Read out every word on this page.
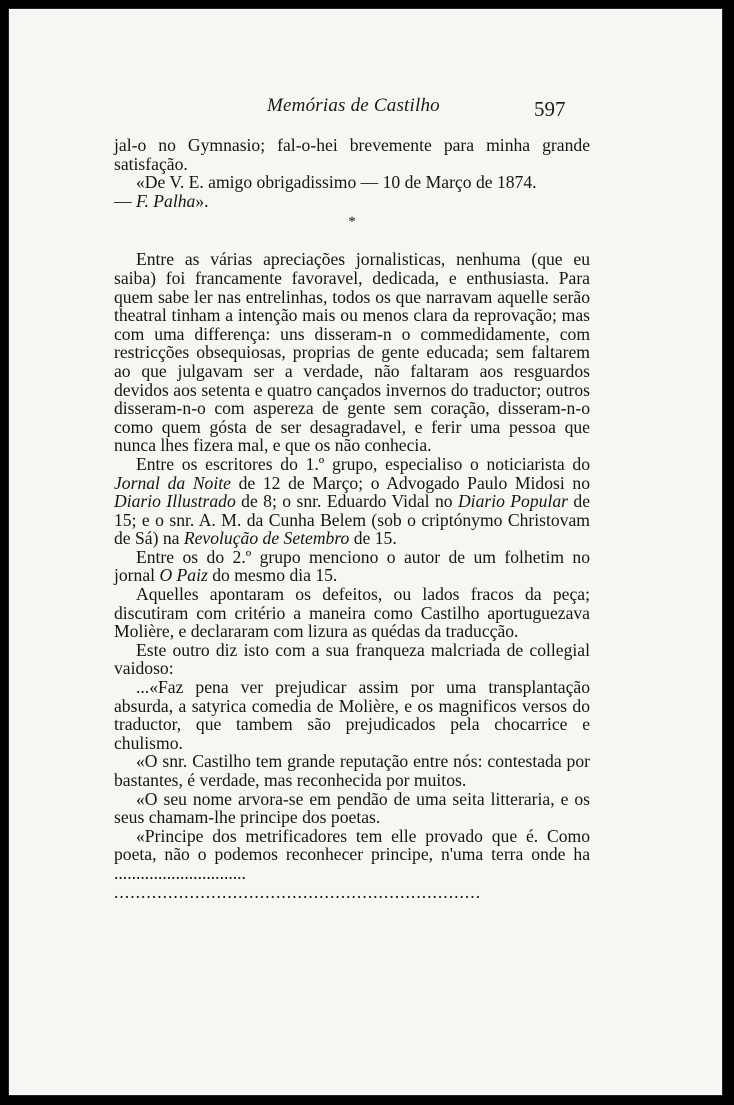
Memórias de Castilho	597

jal-o no Gymnasio; fal-o-hei brevemente para minha grande satisfação.

«De V. E. amigo obrigadissimo — 10 de Março de 1874.

— F. Palha».

*

Entre as várias apreciações jornalisticas, nenhuma (que eu saiba) foi francamente favoravel, dedicada, e enthusiasta. Para quem sabe ler nas entrelinhas, todos os que narravam aquelle serão theatral tinham a intenção mais ou menos clara da reprovação; mas com uma differença: uns disseram-n o commedidamente, com restricções obsequiosas, proprias de gente educada; sem faltarem ao que julgavam ser a verdade, não faltaram aos resguardos devidos aos setenta e quatro cançados invernos do traductor; outros disseram-n-o com aspereza de gente sem coração, disseram-n-o como quem gósta de ser desagradavel, e ferir uma pessoa que nunca lhes fizera mal, e que os não conhecia.

Entre os escritores do 1.º grupo, especialiso o noticiarista do Jornal da Noite de 12 de Março; o Advogado Paulo Midosi no Diario Illustrado de 8; o snr. Eduardo Vidal no Diario Popular de 15; e o snr. A. M. da Cunha Belem (sob o criptónymo Christovam de Sá) na Revolução de Setembro de 15.

Entre os do 2.º grupo menciono o autor de um folhetim no jornal O Paiz do mesmo dia 15.

Aquelles apontaram os defeitos, ou lados fracos da peça; discutiram com critério a maneira como Castilho aportuguezava Molière, e declararam com lizura as quédas da traducção.

Este outro diz isto com a sua franqueza malcriada de collegial vaidoso:

...«Faz pena ver prejudicar assim por uma transplantação absurda, a satyrica comedia de Molière, e os magnificos versos do traductor, que tambem são prejudicados pela chocarrice e chulismo.

«O snr. Castilho tem grande reputação entre nós: contestada por bastantes, é verdade, mas reconhecida por muitos.

«O seu nome arvora-se em pendão de uma seita litteraria, e os seus chamam-lhe principe dos poetas.

«Principe dos metrificadores tem elle provado que é. Como poeta, não o podemos reconhecer principe, n'uma terra onde ha ..............................

....................................................................
